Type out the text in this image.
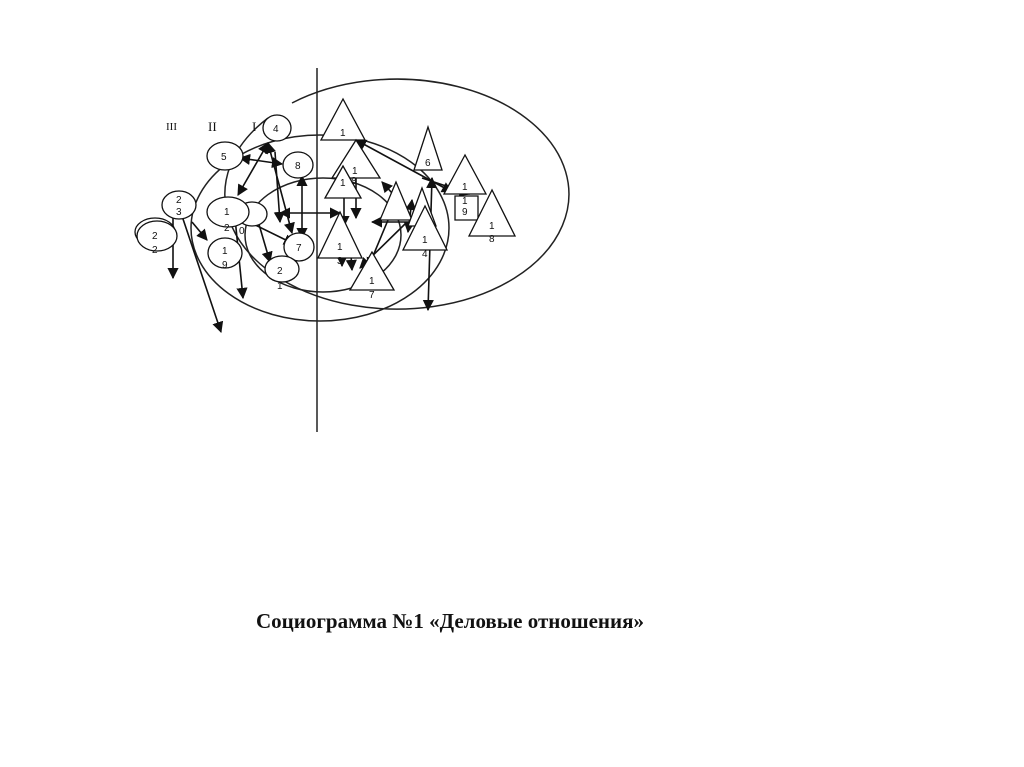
III II	I 4
5
8
2
3
2
2
0
1
2
1
9
7
2
1
1
6
1
1 8
1
1
9
1
8
1
4
1
3
1
7
Социограмма №1 «Деловые отношения»
